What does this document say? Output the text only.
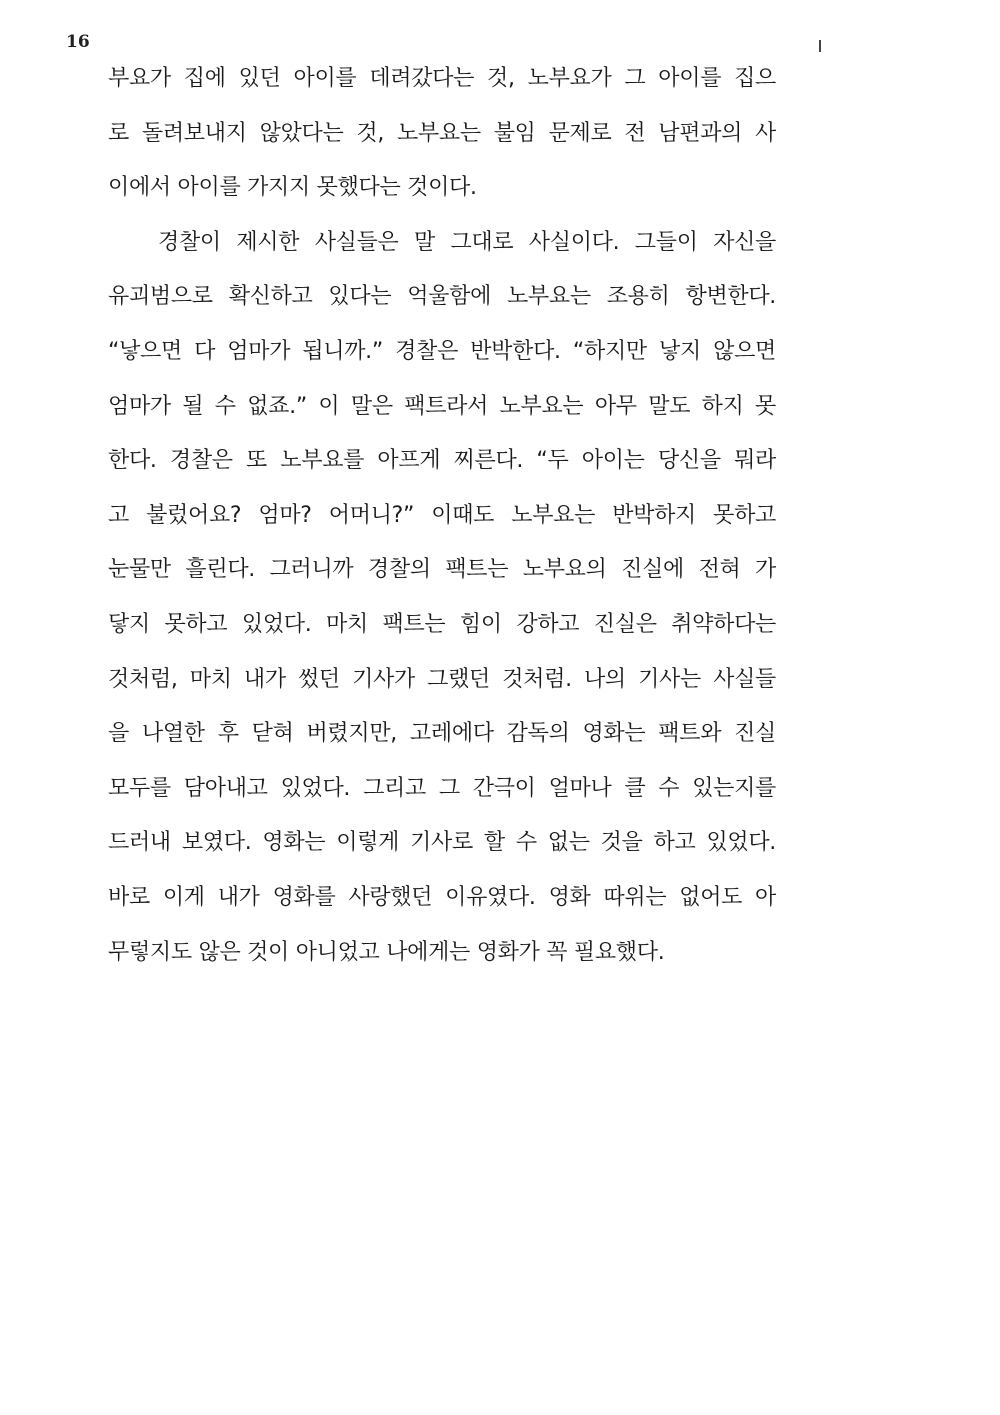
16
부요가 집에 있던 아이를 데려갔다는 것, 노부요가 그 아이를 집으
로 돌려보내지 않았다는 것, 노부요는 불임 문제로 전 남편과의 사
이에서 아이를 가지지 못했다는 것이다.
경찰이 제시한 사실들은 말 그대로 사실이다. 그들이 자신을
유괴범으로 확신하고 있다는 억울함에 노부요는 조용히 항변한다.
“낳으면 다 엄마가 됩니까.” 경찰은 반박한다. “하지만 낳지 않으면
엄마가 될 수 없죠.” 이 말은 팩트라서 노부요는 아무 말도 하지 못
한다. 경찰은 또 노부요를 아프게 찌른다. “두 아이는 당신을 뭐라
고 불렀어요? 엄마? 어머니?” 이때도 노부요는 반박하지 못하고
눈물만 흘린다. 그러니까 경찰의 팩트는 노부요의 진실에 전혀 가
닿지 못하고 있었다. 마치 팩트는 힘이 강하고 진실은 취약하다는
것처럼, 마치 내가 썼던 기사가 그랬던 것처럼. 나의 기사는 사실들
을 나열한 후 닫혀 버렸지만, 고레에다 감독의 영화는 팩트와 진실
모두를 담아내고 있었다. 그리고 그 간극이 얼마나 클 수 있는지를
드러내 보였다. 영화는 이렇게 기사로 할 수 없는 것을 하고 있었다.
바로 이게 내가 영화를 사랑했던 이유였다. 영화 따위는 없어도 아
무렇지도 않은 것이 아니었고 나에게는 영화가 꼭 필요했다.
